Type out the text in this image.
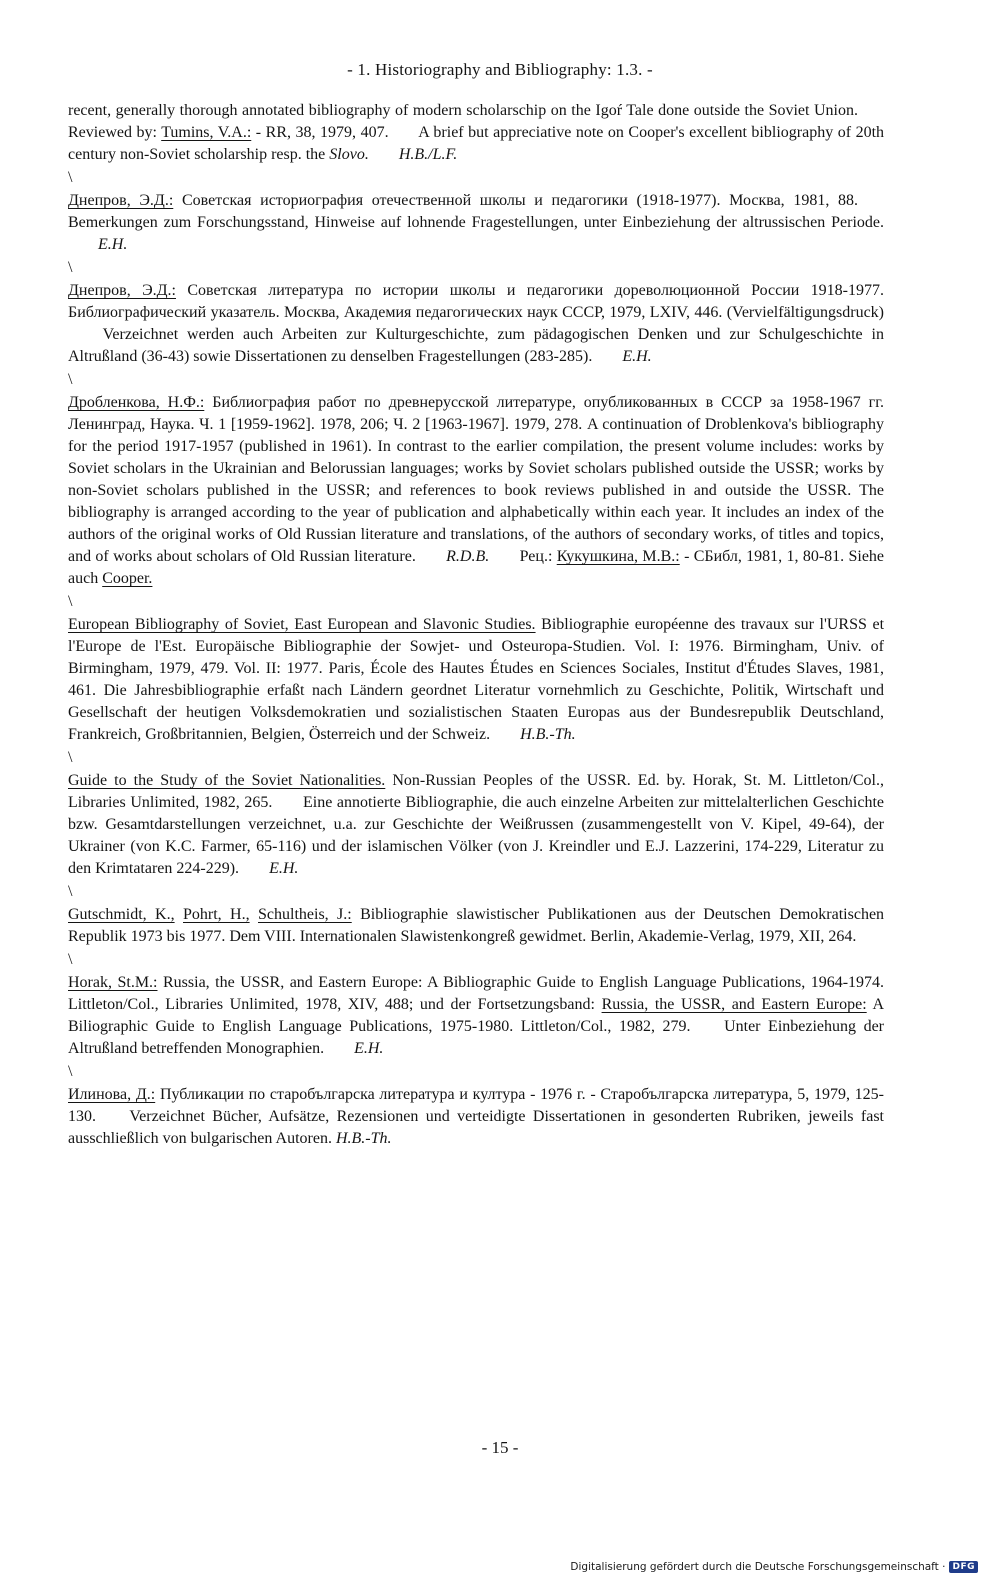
- 1. Historiography and Bibliography: 1.3. -

recent, generally thorough annotated bibliography of modern scholarschip on the Igoŕ Tale done outside the Soviet Union. Reviewed by: Tumins, V.A.: - RR, 38, 1979, 407. A brief but appreciative note on Cooper's excellent bibliography of 20th century non-Soviet scholarship resp. the Slovo. H.B./L.F.

\

Днепров, Э.Д.: Советская историография отечественной школы и педагогики (1918-1977). Москва, 1981, 88. Bemerkungen zum Forschungsstand, Hinweise auf lohnende Fragestellungen, unter Einbeziehung der altrussischen Periode. E.H.

\

Днепров, Э.Д.: Советская литература по истории школы и педагогики дореволюционной России 1918-1977. Библиографический указатель. Москва, Академия педагогических наук СССР, 1979, LXIV, 446. (Vervielfältigungsdruck) Verzeichnet werden auch Arbeiten zur Kulturgeschichte, zum pädagogischen Denken und zur Schulgeschichte in Altrußland (36-43) sowie Dissertationen zu denselben Fragestellungen (283-285). E.H.

\

Дробленкова, Н.Ф.: Библиография работ по древнерусской литературе, опубликованных в СССР за 1958-1967 гг. Ленинград, Наука. Ч. 1 [1959-1962]. 1978, 206; Ч. 2 [1963-1967]. 1979, 278. A continuation of Droblenkova's bibliography for the period 1917-1957 (published in 1961). In contrast to the earlier compilation, the present volume includes: works by Soviet scholars in the Ukrainian and Belorussian languages; works by Soviet scholars published outside the USSR; works by non-Soviet scholars published in the USSR; and references to book reviews published in and outside the USSR. The bibliography is arranged according to the year of publication and alphabetically within each year. It includes an index of the authors of the original works of Old Russian literature and translations, of the authors of secondary works, of titles and topics, and of works about scholars of Old Russian literature. R.D.B. Рец.: Кукушкина, М.В.: - СБибл, 1981, 1, 80-81. Siehe auch Cooper.

\

European Bibliography of Soviet, East European and Slavonic Studies. Bibliographie européenne des travaux sur l'URSS et l'Europe de l'Est. Europäische Bibliographie der Sowjet- und Osteuropa-Studien. Vol. I: 1976. Birmingham, Univ. of Birmingham, 1979, 479. Vol. II: 1977. Paris, École des Hautes Études en Sciences Sociales, Institut d'Études Slaves, 1981, 461. Die Jahresbibliographie erfaßt nach Ländern geordnet Literatur vornehmlich zu Geschichte, Politik, Wirtschaft und Gesellschaft der heutigen Volksdemokratien und sozialistischen Staaten Europas aus der Bundesrepublik Deutschland, Frankreich, Großbritannien, Belgien, Österreich und der Schweiz. H.B.-Th.

\

Guide to the Study of the Soviet Nationalities. Non-Russian Peoples of the USSR. Ed. by. Horak, St. M. Littleton/Col., Libraries Unlimited, 1982, 265. Eine annotierte Bibliographie, die auch einzelne Arbeiten zur mittelalterlichen Geschichte bzw. Gesamtdarstellungen verzeichnet, u.a. zur Geschichte der Weißrussen (zusammengestellt von V. Kipel, 49-64), der Ukrainer (von K.C. Farmer, 65-116) und der islamischen Völker (von J. Kreindler und E.J. Lazzerini, 174-229, Literatur zu den Krimtataren 224-229). E.H.

\

Gutschmidt, K., Pohrt, H., Schultheis, J.: Bibliographie slawistischer Publikationen aus der Deutschen Demokratischen Republik 1973 bis 1977. Dem VIII. Internationalen Slawistenkongreß gewidmet. Berlin, Akademie-Verlag, 1979, XII, 264.

\

Horak, St.M.: Russia, the USSR, and Eastern Europe: A Bibliographic Guide to English Language Publications, 1964-1974. Littleton/Col., Libraries Unlimited, 1978, XIV, 488; und der Fortsetzungsband: Russia, the USSR, and Eastern Europe: A Biliographic Guide to English Language Publications, 1975-1980. Littleton/Col., 1982, 279. Unter Einbeziehung der Altrußland betreffenden Monographien. E.H.

\

Илинова, Д.: Публикации по старобългарска литература и култура - 1976 г. - Старобългарска литература, 5, 1979, 125-130. Verzeichnet Bücher, Aufsätze, Rezensionen und verteidigte Dissertationen in gesonderten Rubriken, jeweils fast ausschließlich von bulgarischen Autoren. H.B.-Th.

- 15 -
Digitalisierung gefördert durch die Deutsche Forschungsgemeinschaft · DFG
